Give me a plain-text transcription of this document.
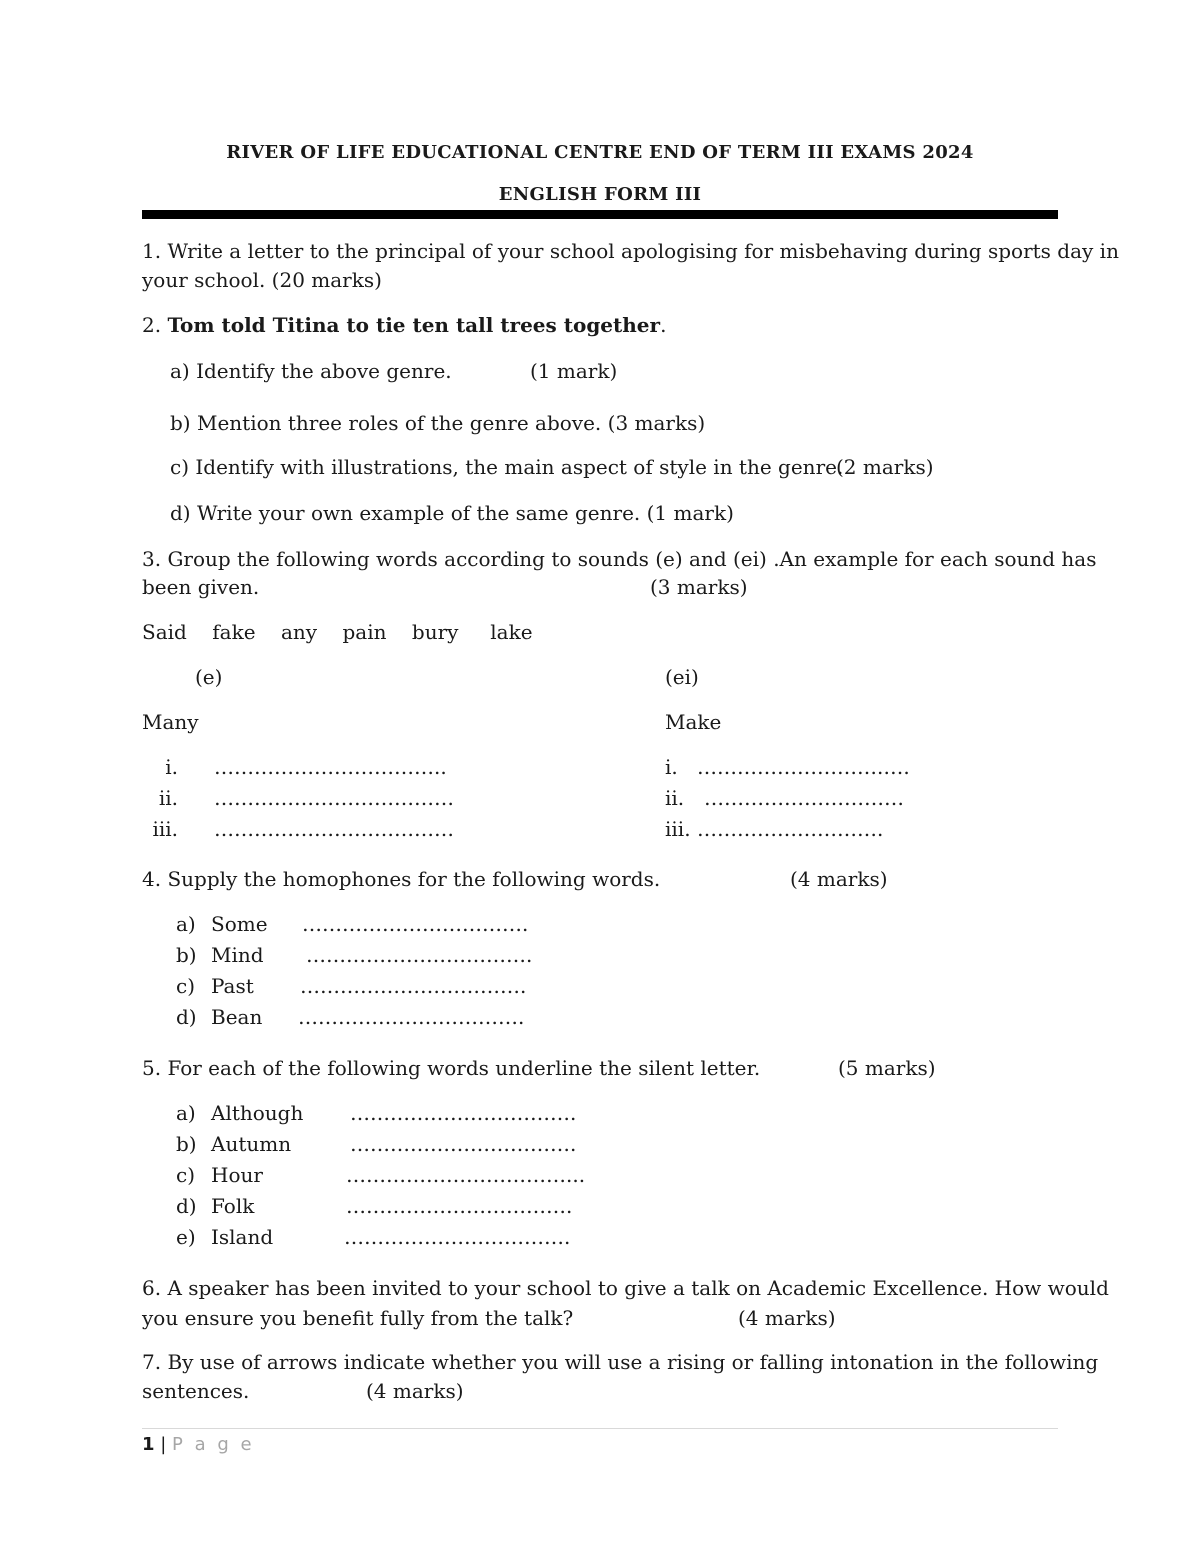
RIVER OF LIFE EDUCATIONAL CENTRE END OF TERM III EXAMS 2024
ENGLISH FORM III
1. Write a letter to the principal of your school apologising for misbehaving during sports day in
your school. (20 marks)
2. Tom told Titina to tie ten tall trees together.
a) Identify the above genre.	(1 mark)
b) Mention three roles of the genre above. (3 marks)
c) Identify with illustrations, the main aspect of style in the genre.
(2 marks)
d) Write your own example of the same genre. (1 mark)
3. Group the following words according to sounds (e) and (ei) .An example for each sound has
been given.	(3 marks)
Said    fake    any    pain    bury     lake
(e)	(ei)
Many	Make
i. ……………………………..	i. ……………………….….
ii. ………………………………	ii. …………………………
iii. ………………………………	iii. ……………………….
4. Supply the homophones for the following words.	(4 marks)
a) Some …………………………….
b) Mind …………………………….
c) Past …………………………….
d) Bean …………………………….
5. For each of the following words underline the silent letter.	(5 marks)
a) Although …………………………….
b) Autumn	…………………………….
c) Hour	……………………………...
d) Folk	…………………………….
e) Island	…………………………….
6. A speaker has been invited to your school to give a talk on Academic Excellence. How would
you ensure you benefit fully from the talk?	(4 marks)
7. By use of arrows indicate whether you will use a rising or falling intonation in the following
sentences.	(4 marks)
1 | P a g e
